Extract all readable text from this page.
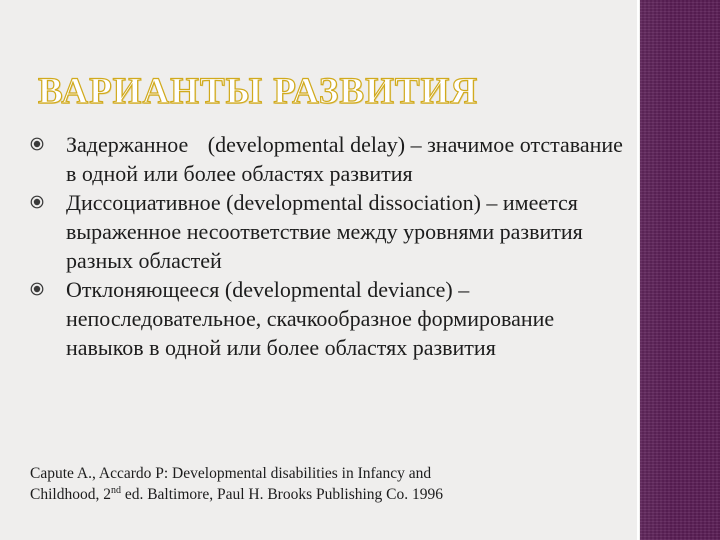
ВАРИАНТЫ РАЗВИТИЯ
Задержанное (developmental delay) – значимое отставание в одной или более областях развития
Диссоциативное (developmental dissociation) – имеется выраженное несоответствие между уровнями развития разных областей
Отклоняющееся (developmental deviance) – непоследовательное, скачкообразное формирование навыков в одной или более областях развития

Capute A., Accardo P: Developmental disabilities in Infancy and
Childhood, 2nd ed. Baltimore, Paul H. Brooks Publishing Co. 1996
